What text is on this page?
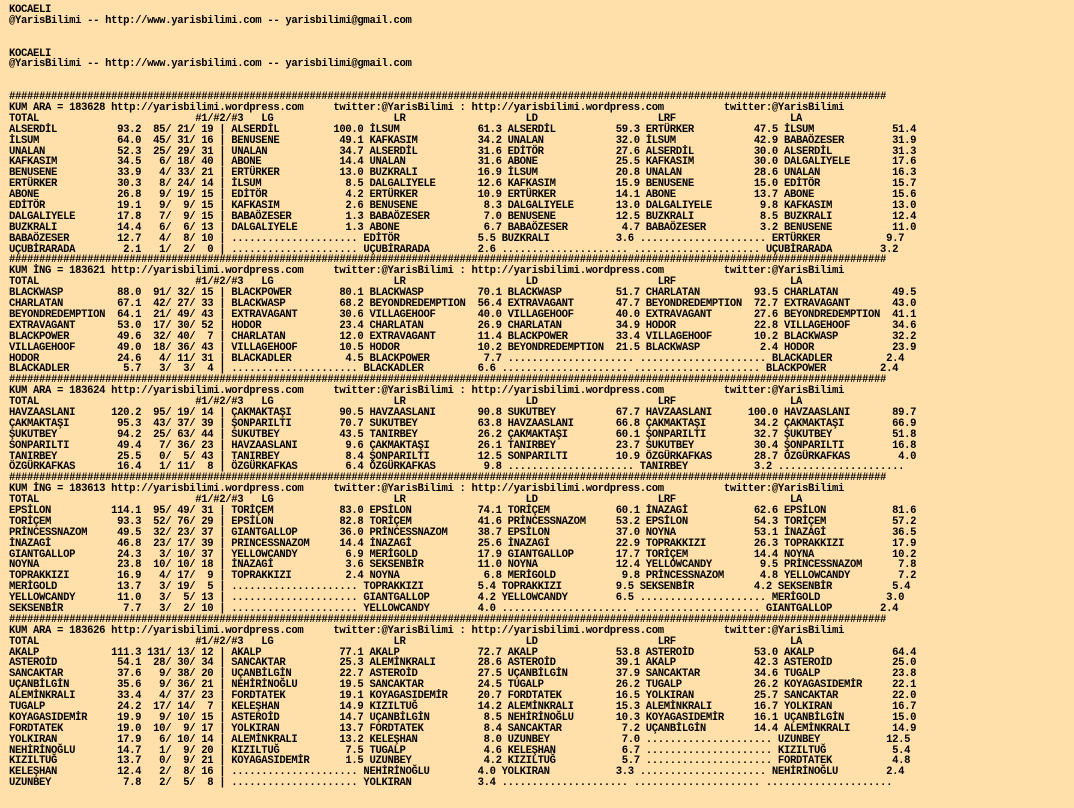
KOCAELI
@YarisBilimi -- http://www.yarisbilimi.com -- yarisbilimi@gmail.com

KOCAELI
@YarisBilimi -- http://www.yarisbilimi.com -- yarisbilimi@gmail.com

##################################################################################################################################################
KUM ARA = 183628 http://yarisbilimi.wordpress.com     twitter:@YarisBilimi : http://yarisbilimi.wordpress.com          twitter:@YarisBilimi
TOTAL                          #1/#2/#3   LG                    LR                    LD                    LRF                   LA
ALSERDİL          93.2  85/ 21/ 19 | ALSERDİL         100.0 İLSUM             61.3 ALSERDİL          59.3 ERTÜRKER          47.5 İLSUM             51.4
İLSUM             64.0  45/ 31/ 16 | BENUSENE          49.1 KAFKASIM          34.2 UNALAN            32.0 İLSUM             42.9 BABAÖZESER        31.9
UNALAN            52.3  25/ 29/ 31 | UNALAN            34.7 ALSERDİL          31.6 EDİTÖR            27.6 ALSERDİL          30.0 ALSERDİL          31.3
KAFKASIM          34.5   6/ 18/ 40 | ABONE             14.4 UNALAN            31.6 ABONE             25.5 KAFKASIM          30.0 DALGALIYELE       17.6
BENUSENE          33.9   4/ 33/ 21 | ERTÜRKER          13.0 BUZKRALI          16.9 İLSUM             20.8 UNALAN            28.6 UNALAN            16.3
ERTÜRKER          30.3   8/ 24/ 14 | İLSUM              8.5 DALGALIYELE       12.6 KAFKASIM          15.9 BENUSENE          15.0 EDİTÖR            15.7
ABONE             26.8   9/ 19/ 15 | EDİTÖR             4.2 ERTÜRKER          10.9 ERTÜRKER          14.1 ABONE             13.7 ABONE             15.6
EDİTÖR            19.1   9/  9/ 15 | KAFKASIM           2.6 BENUSENE           8.3 DALGALIYELE       13.0 DALGALIYELE        9.8 KAFKASIM          13.0
DALGALIYELE       17.8   7/  9/ 15 | BABAÖZESER         1.3 BABAÖZESER         7.0 BENUSENE          12.5 BUZKRALI           8.5 BUZKRALI          12.4
BUZKRALI          14.4   6/  6/ 13 | DALGALIYELE        1.3 ABONE              6.7 BABAÖZESER         4.7 BABAÖZESER         3.2 BENUSENE          11.0
BABAÖZESER        12.7   4/  8/ 10 | ..................... EDİTÖR             5.5 BUZKRALI           3.6 ..................... ERTÜRKER           9.7
UÇUBİRARADA        2.1   1/  2/  0 | ..................... UÇUBİRARADA        2.6 ..................... ..................... UÇUBİRARADA        3.2
##################################################################################################################################################
KUM İNG = 183621 http://yarisbilimi.wordpress.com     twitter:@YarisBilimi : http://yarisbilimi.wordpress.com          twitter:@YarisBilimi
TOTAL                          #1/#2/#3   LG                    LR                    LD                    LRF                   LA
BLACKWASP         88.0  91/ 32/ 15 | BLACKPOWER        80.1 BLACKWASP         70.1 BLACKWASP         51.7 CHARLATAN         93.5 CHARLATAN         49.5
CHARLATAN         67.1  42/ 27/ 33 | BLACKWASP         68.2 BEYONDREDEMPTION  56.4 EXTRAVAGANT       47.7 BEYONDREDEMPTION  72.7 EXTRAVAGANT       43.0
BEYONDREDEMPTION  64.1  21/ 49/ 43 | EXTRAVAGANT       30.6 VILLAGEHOOF       40.0 VILLAGEHOOF       40.0 EXTRAVAGANT       27.6 BEYONDREDEMPTION  41.1
EXTRAVAGANT       53.0  17/ 30/ 52 | HODOR             23.4 CHARLATAN         26.9 CHARLATAN         34.9 HODOR             22.8 VILLAGEHOOF       34.6
BLACKPOWER        49.6  32/ 40/  7 | CHARLATAN         12.0 EXTRAVAGANT       11.4 BLACKPOWER        33.4 VILLAGEHOOF       10.2 BLACKWASP         32.2
VILLAGEHOOF       49.0  18/ 36/ 43 | VILLAGEHOOF       10.5 HODOR             10.2 BEYONDREDEMPTION  21.5 BLACKWASP          2.4 HODOR             23.9
HODOR             24.6   4/ 11/ 31 | BLACKADLER         4.5 BLACKPOWER         7.7 ..................... ..................... BLACKADLER         2.4
BLACKADLER         5.7   3/  3/  4 | ..................... BLACKADLER         6.6 ..................... ..................... BLACKPOWER         2.4
##################################################################################################################################################
KUM ARA = 183624 http://yarisbilimi.wordpress.com     twitter:@YarisBilimi : http://yarisbilimi.wordpress.com          twitter:@YarisBilimi
TOTAL                          #1/#2/#3   LG                    LR                    LD                    LRF                   LA
HAVZAASLANI      120.2  95/ 19/ 14 | ÇAKMAKTAŞI        90.5 HAVZAASLANI       90.8 SUKUTBEY          67.7 HAVZAASLANI      100.0 HAVZAASLANI       89.7
ÇAKMAKTAŞI        95.3  43/ 37/ 39 | ŞONPARILTI        70.7 SUKUTBEY          63.8 HAVZAASLANI       66.8 ÇAKMAKTAŞI        34.2 ÇAKMAKTAŞI        66.9
ŞUKUTBEY          94.2  25/ 63/ 44 | SUKUTBEY          43.5 TANIRBEY          26.2 ÇAKMAKTAŞI        60.1 ŞONPARILTI        32.7 ŞUKUTBEY          51.8
SONPARILTI        49.4   7/ 36/ 23 | HAVZAASLANI        9.6 ÇAKMAKTAŞI        26.1 TANIRBEY          23.7 SUKUTBEY          30.4 ŞONPARILTI        16.8
TANIRBEY          25.5   0/  5/ 43 | TANIRBEY           8.4 ŞONPARILTI        12.5 SONPARILTI        10.9 ÖZGÜRKAFKAS       28.7 ÖZGÜRKAFKAS        4.0
ÖZGÜRKAFKAS       16.4   1/ 11/  8 | ÖZGÜRKAFKAS        6.4 ÖZGÜRKAFKAS        9.8 ..................... TANIRBEY           3.2 .....................
##################################################################################################################################################
KUM İNG = 183613 http://yarisbilimi.wordpress.com     twitter:@YarisBilimi : http://yarisbilimi.wordpress.com          twitter:@YarisBilimi
TOTAL                          #1/#2/#3   LG                    LR                    LD                    LRF                   LA
EPSİLON          114.1  95/ 49/ 31 | TORİÇEM           83.0 EPSİLON           74.1 TORİÇEM           60.1 İNAZAGİ           62.6 EPSİLON           81.6
TORİÇEM           93.3  52/ 76/ 29 | EPSİLON           82.8 TORİÇEM           41.6 PRİNCESSNAZOM     53.2 EPSİLON           54.3 TORİÇEM           57.2
PRİNCESSNAZOM     49.5  32/ 23/ 37 | GIANTGALLOP       36.0 PRİNCESSNAZOM     38.7 EPSİLON           37.0 NOYNA             53.1 İNAZAGİ           36.5
İNAZAGİ           46.8  23/ 17/ 39 | PRINCESSNAZOM     14.4 İNAZAGİ           25.6 İNAZAGİ           22.9 TOPRAKKIZI        26.3 TOPRAKKIZI        17.9
GIANTGALLOP       24.3   3/ 10/ 37 | YELLOWCANDY        6.9 MERİGOLD          17.9 GIANTGALLOP       17.7 TORİÇEM           14.4 NOYNA             10.2
NOYNA             23.8  10/ 10/ 18 | İNAZAGİ            3.6 SEKSENBİR         11.0 NOYNA             12.4 YELLOWCANDY        9.5 PRİNCESSNAZOM      7.8
TOPRAKKIZI        16.9   4/ 17/  9 | TOPRAKKIZI         2.4 NOYNA              6.8 MERİGOLD           9.8 PRİNCESSNAZOM      4.8 YELLOWCANDY        7.2
MERİGOLD          13.7   3/ 19/  5 | ..................... TOPRAKKIZI         5.4 TOPRAKKIZI         9.5 SEKSENBİR          4.2 SEKSENBİR          5.4
YELLOWCANDY       11.0   3/  5/ 13 | ..................... GIANTGALLOP        4.2 YELLOWCANDY        6.5 ..................... MERİGOLD           3.0
SEKSENBİR          7.7   3/  2/ 10 | ..................... YELLOWCANDY        4.0 ..................... ..................... GIANTGALLOP        2.4
##################################################################################################################################################
KUM ARA = 183626 http://yarisbilimi.wordpress.com     twitter:@YarisBilimi : http://yarisbilimi.wordpress.com          twitter:@YarisBilimi
TOTAL                          #1/#2/#3   LG                    LR                    LD                    LRF                   LA
AKALP            111.3 131/ 13/ 12 | AKALP             77.1 AKALP             72.7 AKALP             53.8 ASTEROİD          53.0 AKALP             64.4
ASTEROİD          54.1  28/ 30/ 34 | SANCAKTAR         25.3 ALEMİNKRALI       28.6 ASTEROİD          39.1 AKALP             42.3 ASTEROİD          25.0
SANCAKTAR         37.6   9/ 38/ 20 | UÇANBİLGİN        22.7 ASTEROİD          27.5 UÇANBİLGİN        37.9 SANCAKTAR         34.6 TUGALP            23.8
UÇANBİLGİN        35.6   9/ 36/ 21 | NEHİRİNOĞLU       19.5 SANCAKTAR         24.5 TUGALP            26.2 TUGALP            26.2 KOYAGASIDEMİR     22.1
ALEMİNKRALI       33.4   4/ 37/ 23 | FORDTATEK         19.1 KOYAGASIDEMİR     20.7 FORDTATEK         16.5 YOLKIRAN          25.7 SANCAKTAR         22.0
TUGALP            24.2  17/ 14/  7 | KELEŞHAN          14.9 KIZILTUĞ          14.2 ALEMİNKRALI       15.3 ALEMİNKRALI       16.7 YOLKIRAN          16.7
KOYAGASIDEMİR     19.9   9/ 10/ 15 | ASTEROİD          14.7 UÇANBİLGİN         8.5 NEHİRİNOĞLU       10.3 KOYAGASIDEMİR     16.1 UÇANBİLGİN        15.0
FORDTATEK         19.0  10/  9/ 17 | YOLKIRAN          13.7 FORDTATEK          8.4 SANCAKTAR          7.2 UÇANBİLGİN        14.4 ALEMİNKRALI       14.9
YOLKIRAN          17.9   6/ 10/ 14 | ALEMİNKRALI       13.2 KELEŞHAN           8.0 UZUNBEY            7.0 ..................... UZUNBEY           12.5
NEHİRİNOĞLU       14.7   1/  9/ 20 | KIZILTUĞ           7.5 TUGALP             4.6 KELEŞHAN           6.7 ..................... KIZILTUĞ           5.4
KIZILTUĞ          13.7   0/  9/ 21 | KOYAGASIDEMİR      1.5 UZUNBEY            4.2 KIZILTUĞ           5.7 ..................... FORDTATEK          4.8
KELEŞHAN          12.4   2/  8/ 16 | ..................... NEHİRİNOĞLU        4.0 YOLKIRAN           3.3 ..................... NEHİRİNOĞLU        2.4
UZUNBEY            7.8   2/  5/  8 | ..................... YOLKIRAN           3.4 ..................... ..................... .....................
